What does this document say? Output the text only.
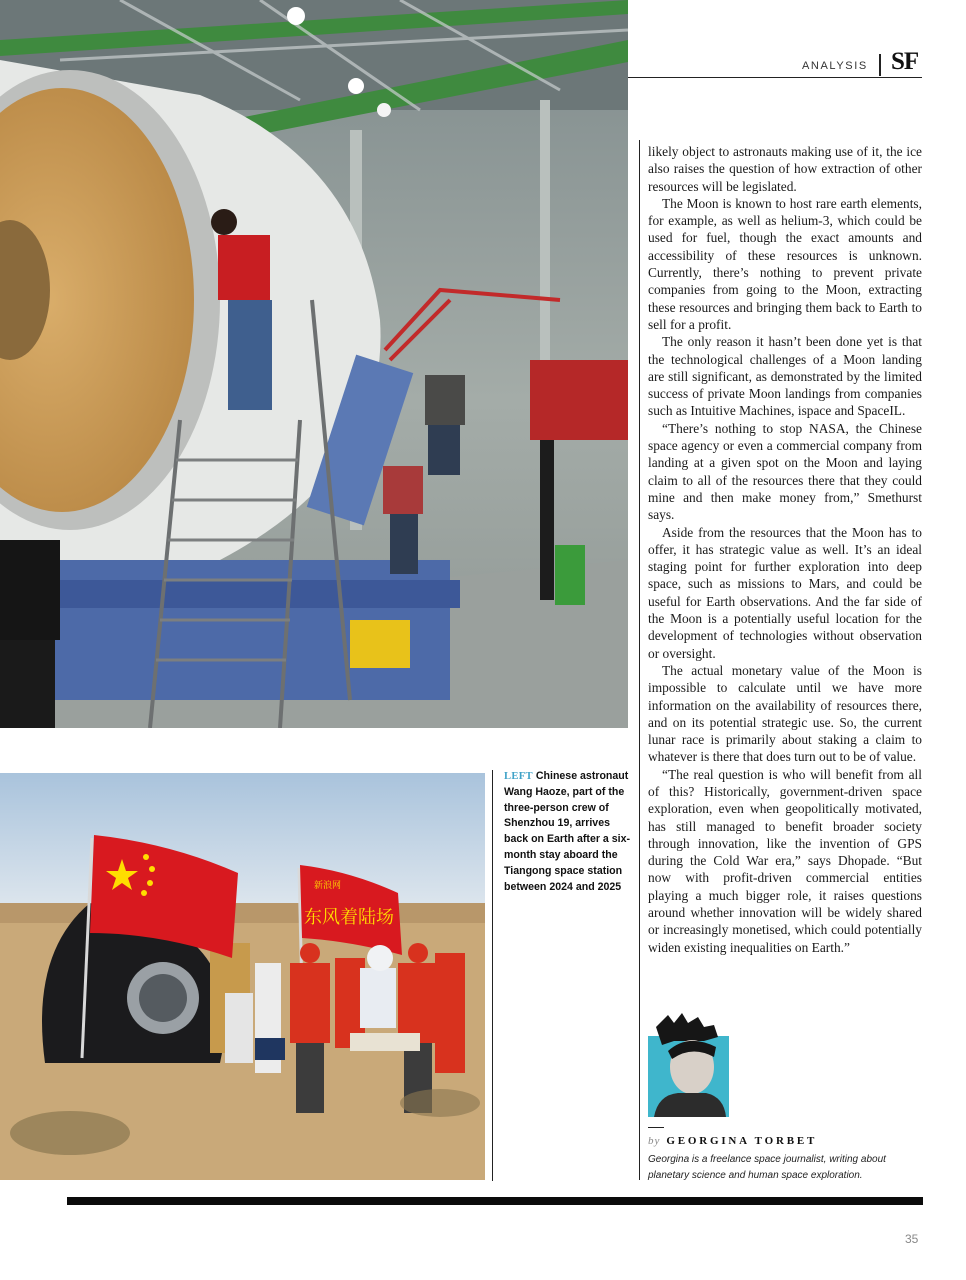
ANALYSIS SF

likely object to astronauts making use of it, the ice also raises the question of how extraction of other resources will be legislated.

The Moon is known to host rare earth elements, for example, as well as helium-3, which could be used for fuel, though the exact amounts and accessibility of these resources is unknown. Currently, there’s nothing to prevent private companies from going to the Moon, extracting these resources and bringing them back to Earth to sell for a profit.

The only reason it hasn’t been done yet is that the technological challenges of a Moon landing are still significant, as demonstrated by the limited success of private Moon landings from companies such as Intuitive Machines, ispace and SpaceIL.

“There’s nothing to stop NASA, the Chinese space agency or even a commercial company from landing at a given spot on the Moon and laying claim to all of the resources there that they could mine and then make money from,” Smethurst says.

Aside from the resources that the Moon has to offer, it has strategic value as well. It’s an ideal staging point for further exploration into deep space, such as missions to Mars, and could be useful for Earth observations. And the far side of the Moon is a potentially useful location for the development of technologies without observation or oversight.

The actual monetary value of the Moon is impossible to calculate until we have more information on the availability of resources there, and on its potential strategic use. So, the current lunar race is primarily about staking a claim to whatever is there that does turn out to be of value.

“The real question is who will benefit from all of this? Historically, government-driven space exploration, even when geopolitically motivated, has still managed to benefit broader society through innovation, like the invention of GPS during the Cold War era,” says Dhopade. “But now with profit-driven commercial entities playing a much bigger role, it raises questions around whether innovation will be widely shared or increasingly monetised, which could potentially widen existing inequalities on Earth.”

新浪网
东风着陆场
LEFT Chinese astronaut Wang Haoze, part of the three-person crew of Shenzhou 19, arrives back on Earth after a six-month stay aboard the Tiangong space station between 2024 and 2025
by GEORGINA TORBET
Georgina is a freelance space journalist, writing about planetary science and human space exploration.
35
